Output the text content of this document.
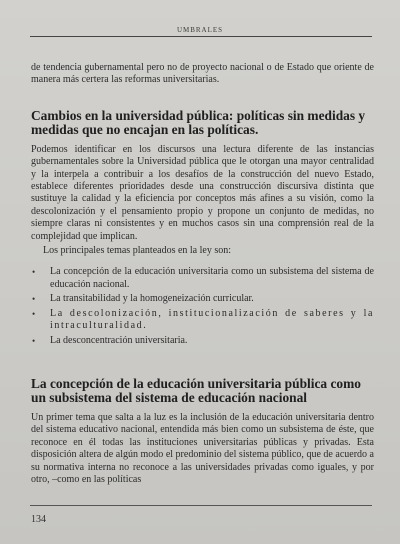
UMBRALES

de tendencia gubernamental pero no de proyecto nacional o de Estado que oriente de manera más certera las reformas universitarias.

Cambios en la universidad pública: políticas sin medidas y medidas que no encajan en las políticas.

Podemos identificar en los discursos una lectura diferente de las instancias gubernamentales sobre la Universidad pública que le otorgan una mayor centralidad y la interpela a contribuir a los desafíos de la construcción del nuevo Estado, establece diferentes prioridades desde una construcción discursiva distinta que sustituye la calidad y la eficiencia por conceptos más afines a su visión, como la descolonización y el pensamiento propio y propone un conjunto de medidas, no siempre claras ni consistentes y en muchos casos sin una comprensión real de la complejidad que implican.

Los principales temas planteados en la ley son:

• La concepción de la educación universitaria como un subsistema del sistema de educación nacional.
• La transitabilidad y la homogeneización curricular.
• La descolonización, institucionalización de saberes y la intraculturalidad.
• La desconcentración universitaria.
La concepción de la educación universitaria pública como un subsistema del sistema de educación nacional

Un primer tema que salta a la luz es la inclusión de la educación universitaria dentro del sistema educativo nacional, entendida más bien como un subsistema de éste, que reconoce en él todas las instituciones universitarias públicas y privadas. Esta disposición altera de algún modo el predominio del sistema público, que de acuerdo a su normativa interna no reconoce a las universidades privadas como iguales, y por otro, –como en las políticas

134
